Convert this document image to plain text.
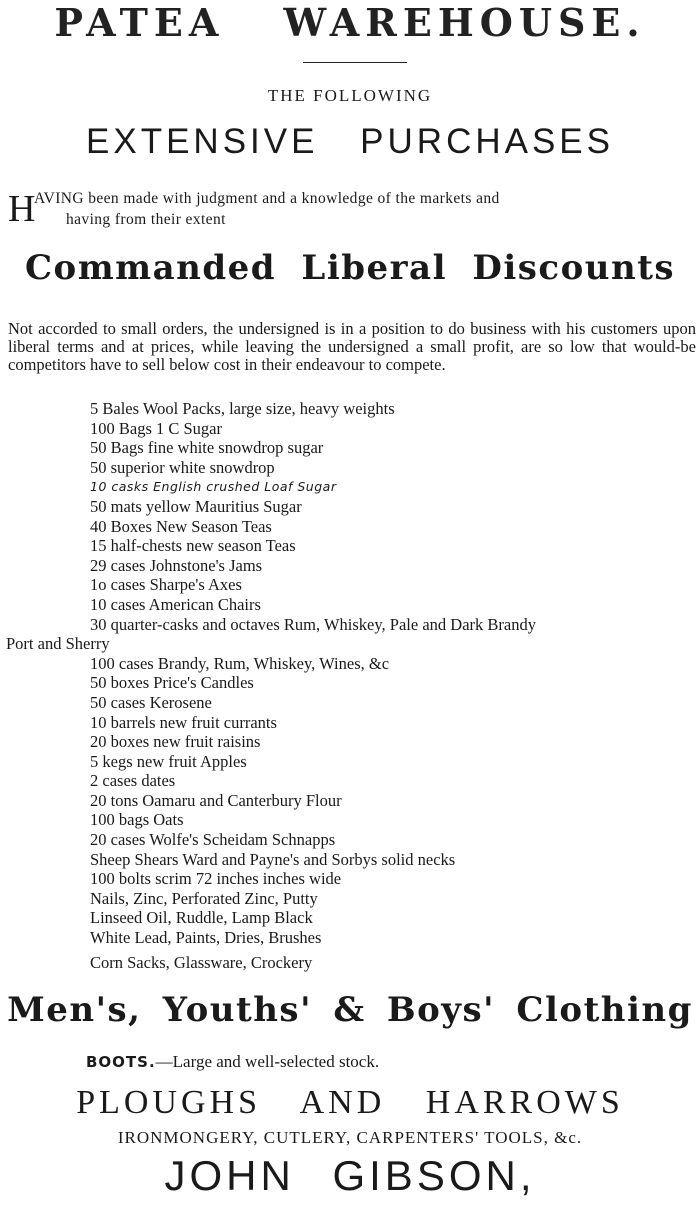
PATEA WAREHOUSE.
THE FOLLOWING
EXTENSIVE PURCHASES
H
AVING been made with judgment and a knowledge of the markets and
having from their extent
Commanded Liberal Discounts
Not accorded to small orders, the undersigned is in a position to do business with his customers upon liberal terms and at prices, while leaving the undersigned a small profit, are so low that would-be competitors have to sell below cost in their endeavour to compete.
5 Bales Wool Packs, large size, heavy weights
100 Bags 1 C Sugar
50 Bags fine white snowdrop sugar
50 superior white snowdrop
10 casks English crushed Loaf Sugar
50 mats yellow Mauritius Sugar
40 Boxes New Season Teas
15 half-chests new season Teas
29 cases Johnstone's Jams
1o cases Sharpe's Axes
10 cases American Chairs
30 quarter-casks and octaves Rum, Whiskey, Pale and Dark Brandy
Port and Sherry
100 cases Brandy, Rum, Whiskey, Wines, &c
50 boxes Price's Candles
50 cases Kerosene
10 barrels new fruit currants
20 boxes new fruit raisins
5 kegs new fruit Apples
2 cases dates
20 tons Oamaru and Canterbury Flour
100 bags Oats
20 cases Wolfe's Scheidam Schnapps
Sheep Shears Ward and Payne's and Sorbys solid necks
100 bolts scrim 72 inches inches wide
Nails, Zinc, Perforated Zinc, Putty
Linseed Oil, Ruddle, Lamp Black
White Lead, Paints, Dries, Brushes
Corn Sacks, Glassware, Crockery
Men's, Youths' & Boys' Clothing
BOOTS.—Large and well-selected stock.
PLOUGHS AND HARROWS
IRONMONGERY, CUTLERY, CARPENTERS' TOOLS, &c.
JOHN GIBSON,
